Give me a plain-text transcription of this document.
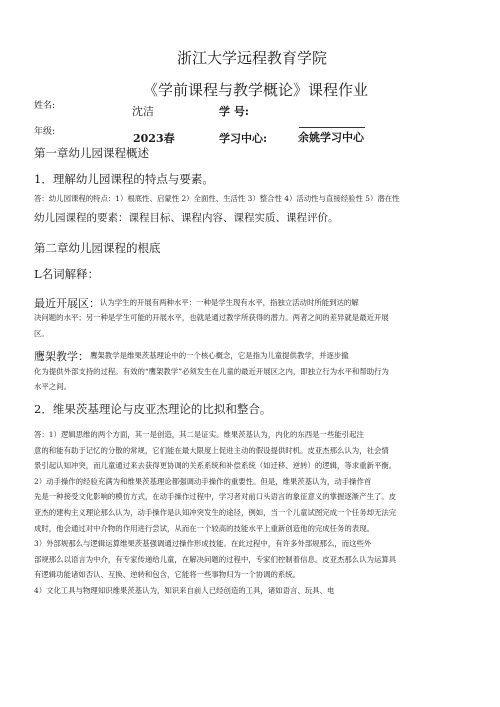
浙江大学远程教育学院
《学前课程与教学概论》课程作业
姓名:	沈洁	学 号:
年级:	2023春	学习中心:	余姚学习中心
第一章幼儿园课程概述
1．理解幼儿园课程的特点与要素。
答：幼儿园课程的特点：1）根底性、启蒙性 2）全面性、生活性 3）整合性 4）活动性与直接经验性 5）潜在性
幼儿园课程的要素：课程目标、课程内容、课程实质、课程评价。
第二章幼儿园课程的根底
L名词解释：
最近开展区： 认为学生的开展有两种水平：一种是学生现有水平，指独立活动时所能到达的解
决问题的水平；另一种是学生可能的开展水平，也就是通过教学所获得的潜力。两者之间的差异就是最近开展
区。
鹰架教学： 鹰架教学是维果茨基理论中的一个核心概念，它是指为儿童提供教学，并逐步撤
化为提供外部支持的过程。有效的“鹰架教学”必须发生在儿童的最近开展区之内，即独立行为水平和帮助行为
水平之间。
2．维果茨基理论与皮亚杰理论的比拟和整合。
答：1）逻辑思维的两个方面，其一是创造，其二是证实。维果茨基认为，内化的东西是一些能引起注
意的和能有助于记忆的分散的常规，它们能在最大限度上促进主动的假设提供时机。皮亚杰那么认为，社会情
景引起认知冲突，而儿童通过来去获得更协调的关系系统和补偿系统（如迁移、逆转）的逻辑，等求重新平衡。
2）动手操作的经验充满为和维果茨基理论都强调动手操作的重要性。但是，维果茨基认为，动手操作首
先是一种接受文化影响的模仿方式，在动手操作过程中，学习者对前口头语言的象征意义的掌握逐渐产生了。皮
亚杰的建构主义理论那么认为，动手操作是认知冲突发生的途径，例如，当一个儿童试图完成一个任务却无法完
成时，他会通过对中介物的作用进行尝试，从而在一个较高的技能水平上重新创造他的完成任务的表现。
3）外部规那么与逻辑运算维果茨基强调通过操作形成技能。在此过程中，有许多外部规那么，而这些外
部规那么以语言为中介，有专家传递给儿童，在解决问题的过程中，专家们控制着信息。皮亚杰那么认为运算具
有逻辑功能诸如否认、互换、逆转和包含，它能将一些事物归为一个协调的系统。
4）文化工具与物理知识维果茨基认为，知识来自前人已经创造的工具，诸如语言、玩具、电
